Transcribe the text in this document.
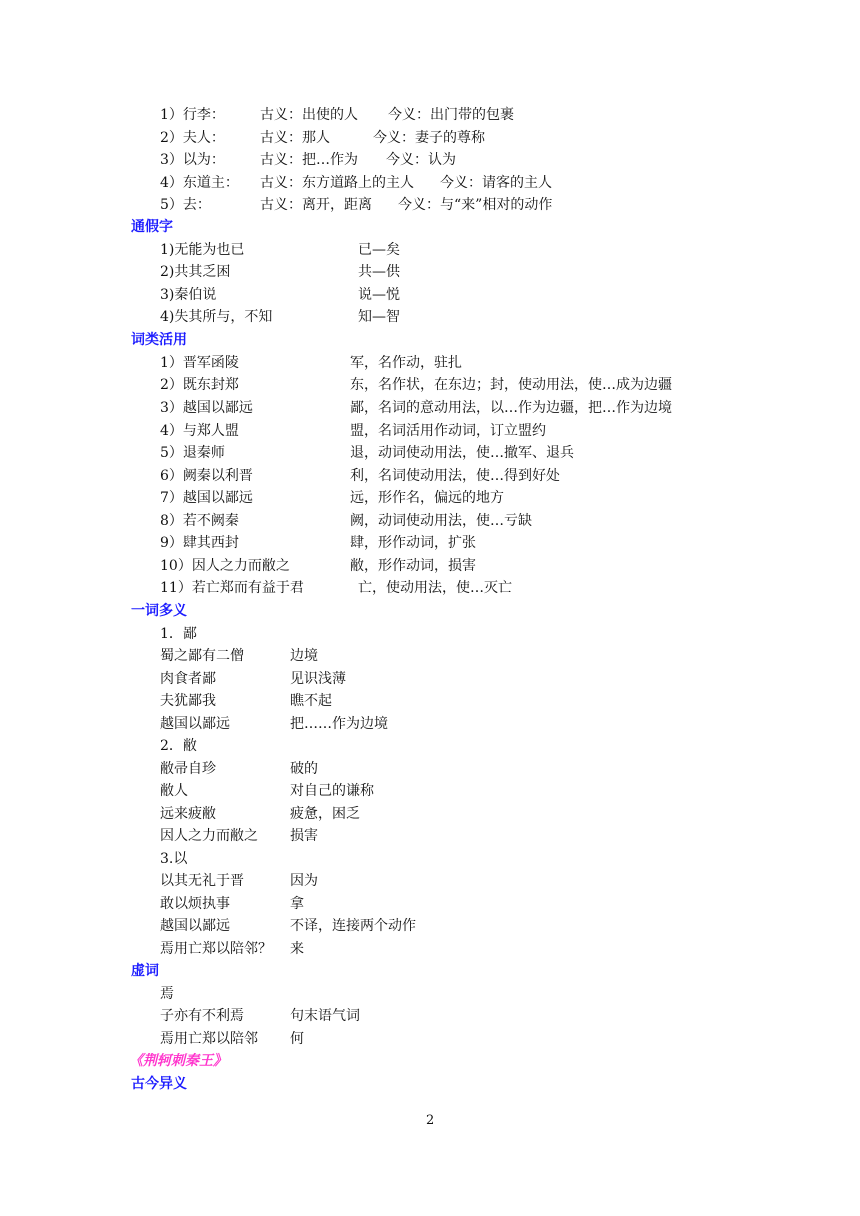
1）行李：	古义：出使的人 今义：出门带的包裹
2）夫人：	古义：那人	今义：妻子的尊称
3）以为：	古义：把…作为 今义：认为
4）东道主： 古义：东方道路上的主人 今义：请客的主人
5）去：	古义：离开，距离 今义：与“来”相对的动作
通假字
1)无能为也已	已—矣
2)共其乏困	共—供
3)秦伯说	说—悦
4)失其所与，不知	知—智
词类活用
1）晋军函陵	军，名作动，驻扎
2）既东封郑	东，名作状，在东边；封，使动用法，使…成为边疆
3）越国以鄙远	鄙，名词的意动用法，以…作为边疆，把…作为边境
4）与郑人盟	盟，名词活用作动词，订立盟约
5）退秦师	退，动词使动用法，使…撤军、退兵
6）阙秦以利晋	利，名词使动用法，使…得到好处
7）越国以鄙远	远，形作名，偏远的地方
8）若不阙秦	阙，动词使动用法，使…亏缺
9）肆其西封	肆，形作动词，扩张
10）因人之力而敝之	敝，形作动词，损害
11）若亡郑而有益于君	亡，使动用法，使…灭亡
一词多义
1．鄙
蜀之鄙有二僧	边境
肉食者鄙	见识浅薄
夫犹鄙我	瞧不起
越国以鄙远	把……作为边境
2．敝
敝帚自珍	破的
敝人	对自己的谦称
远来疲敝	疲惫，困乏
因人之力而敝之 损害
3.以
以其无礼于晋	因为
敢以烦执事	拿
越国以鄙远	不译，连接两个动作
焉用亡郑以陪邻？ 来
虚词
焉
子亦有不利焉	句末语气词
焉用亡郑以陪邻 何
《荆轲刺秦王》
古今异义
2
